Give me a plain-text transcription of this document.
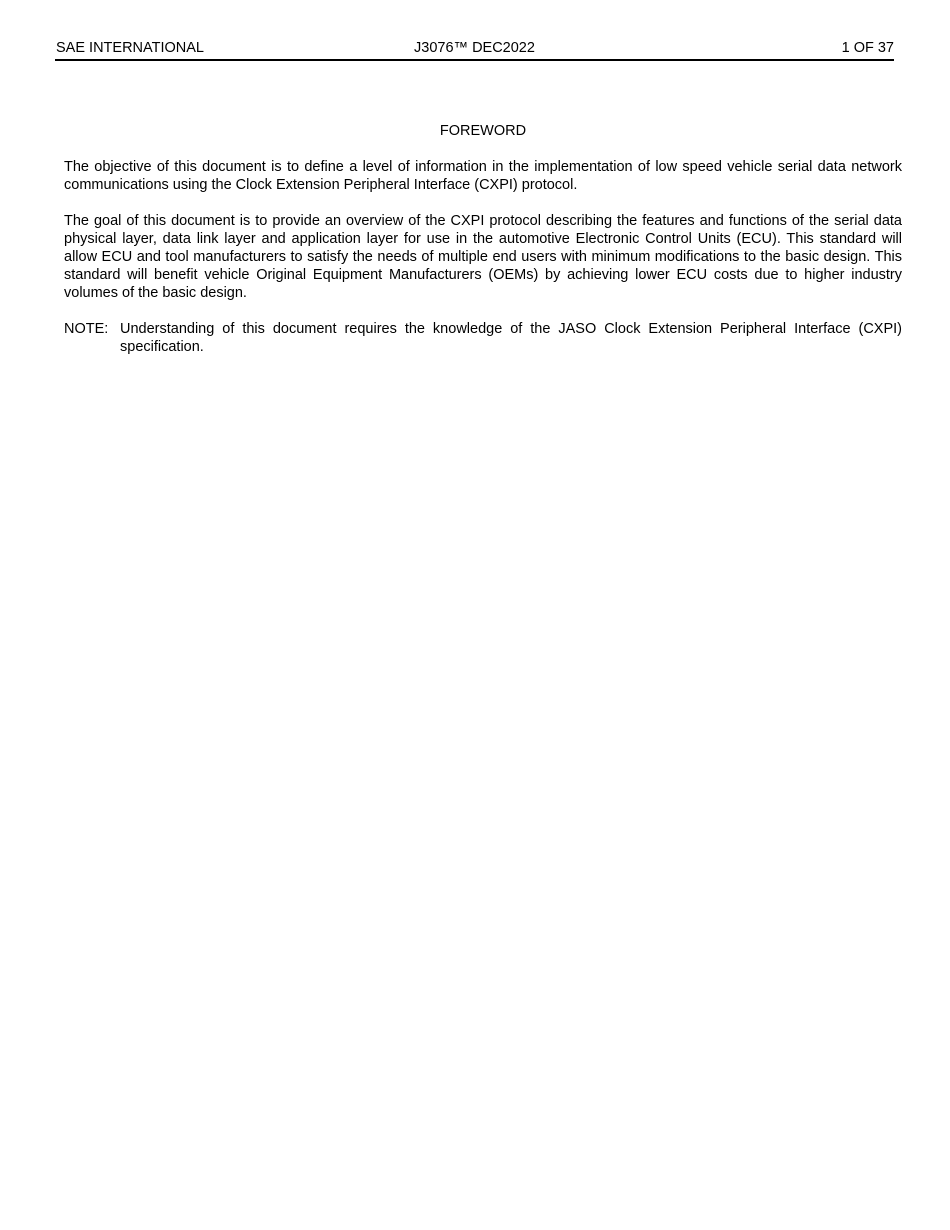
SAE INTERNATIONAL	J3076™ DEC2022	1 OF 37
FOREWORD

The objective of this document is to define a level of information in the implementation of low speed vehicle serial data network communications using the Clock Extension Peripheral Interface (CXPI) protocol.

The goal of this document is to provide an overview of the CXPI protocol describing the features and functions of the serial data physical layer, data link layer and application layer for use in the automotive Electronic Control Units (ECU). This standard will allow ECU and tool manufacturers to satisfy the needs of multiple end users with minimum modifications to the basic design. This standard will benefit vehicle Original Equipment Manufacturers (OEMs) by achieving lower ECU costs due to higher industry volumes of the basic design.

NOTE: Understanding of this document requires the knowledge of the JASO Clock Extension Peripheral Interface (CXPI) specification.
